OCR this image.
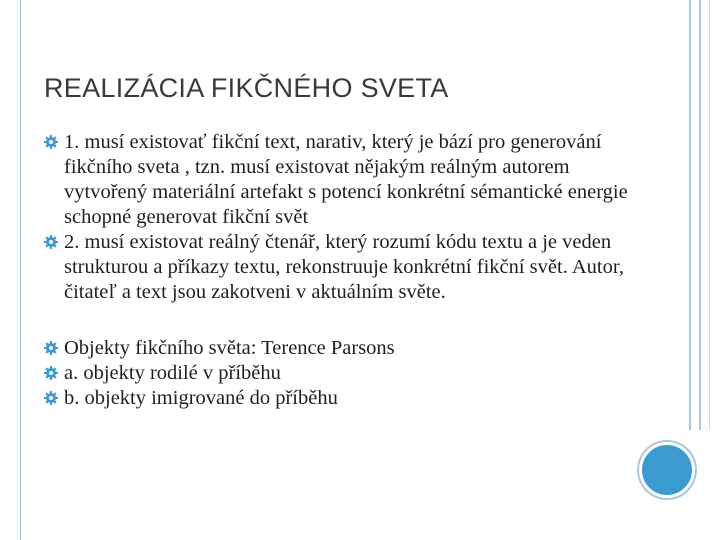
REALIZÁCIA FIKČNÉHO SVETA
1. musí existovať fikční text, narativ, který je bází pro generování fikčního sveta , tzn. musí existovat nějakým reálným autorem vytvořený materiální artefakt s potencí konkrétní sémantické energie schopné generovat fikční svět
2. musí existovat reálný čtenář, který rozumí kódu textu a je veden strukturou a příkazy textu, rekonstruuje konkrétní fikční svět. Autor, čitateľ a text jsou zakotveni v aktuálním světe.
Objekty fikčního světa: Terence Parsons
a. objekty rodilé v příběhu
b. objekty imigrované do příběhu
